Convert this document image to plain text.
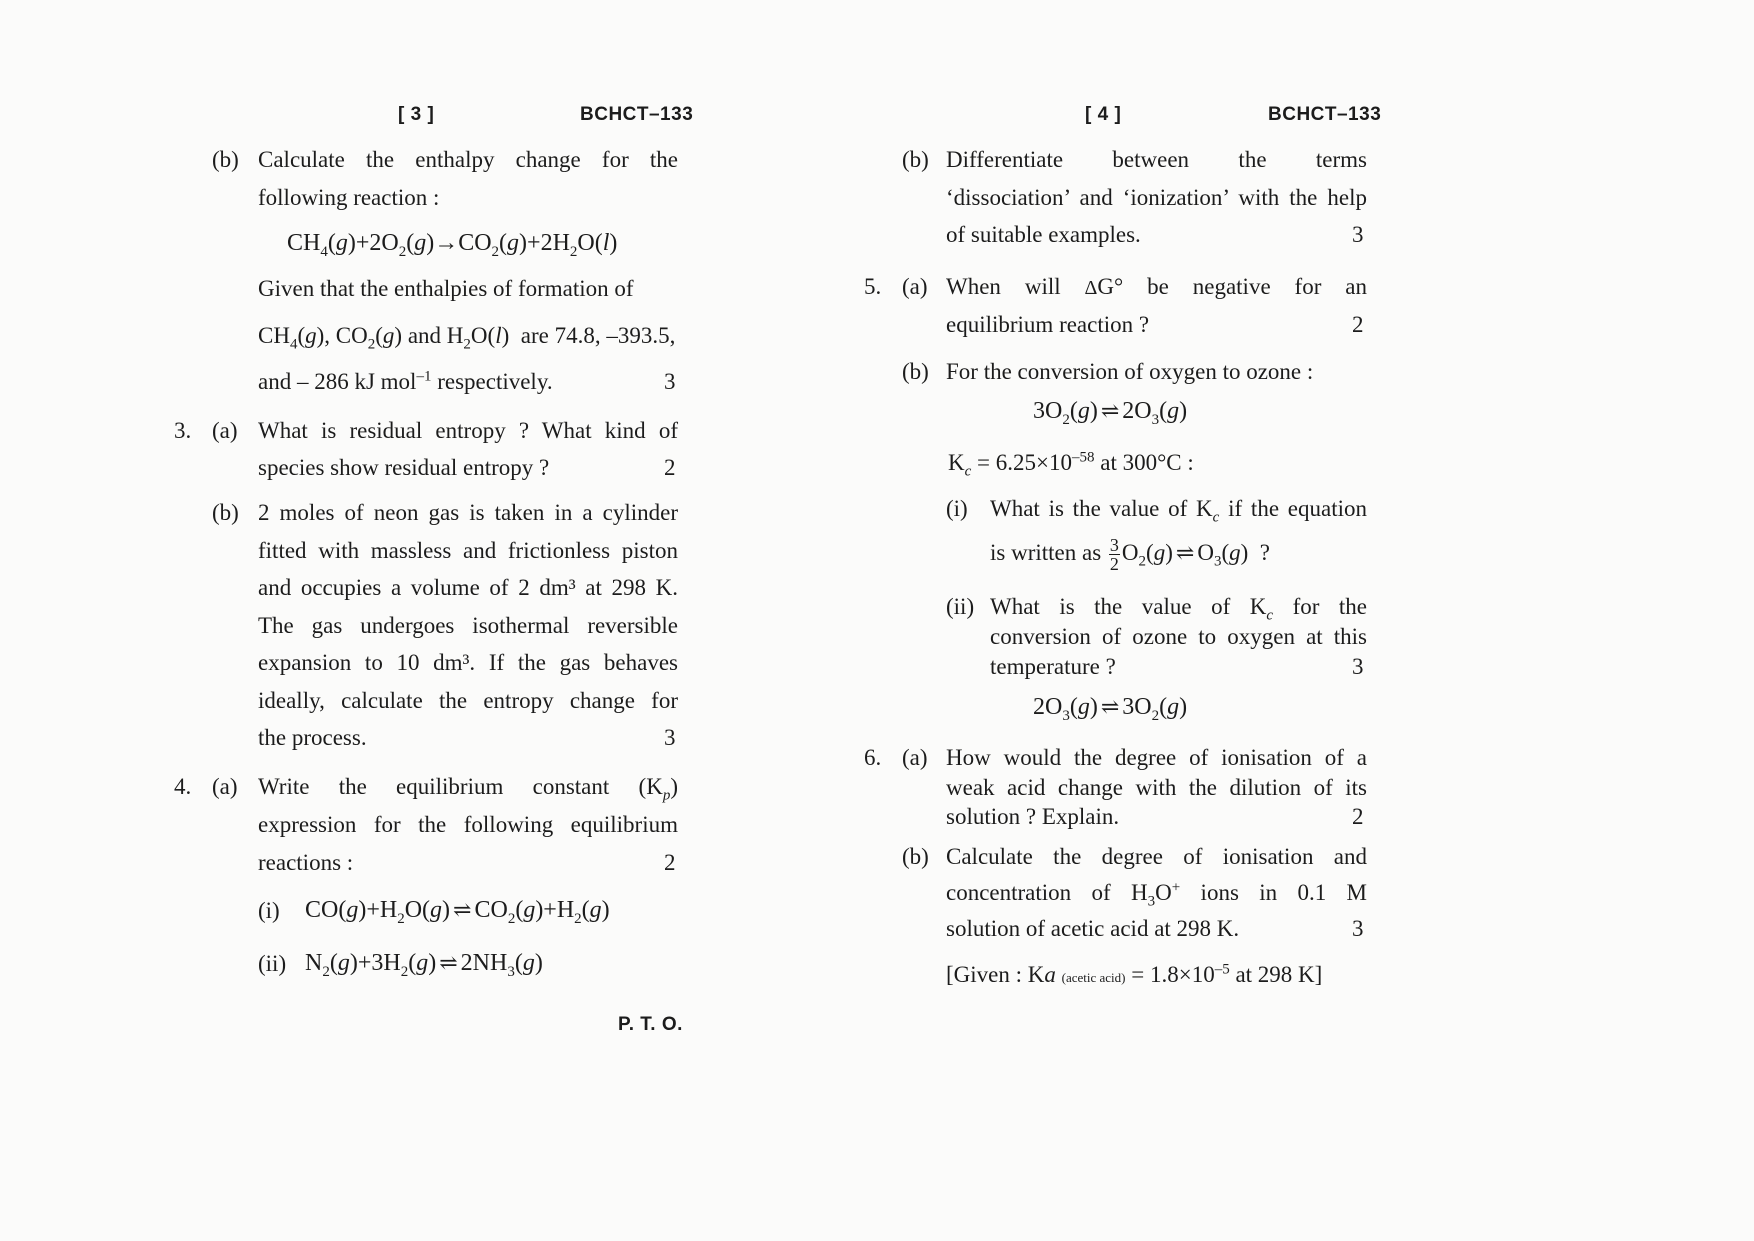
[ 3 ]	BCHCT–133
(b) Calculate the enthalpy change for the
following reaction :
$CH_4(g)+2O_2(g)\to CO_2(g)+2H_2O(l)$
Given that the enthalpies of formation of
$CH_4(g)$, $CO_2(g)$ and $H_2O(l)$  are 74.8, –393.5,
and – 286 kJ mol$^{-1}$ respectively.	3
3. (a) What is residual entropy ? What kind of
species show residual entropy ?	2
(b) 2 moles of neon gas is taken in a cylinder
fitted with massless and frictionless piston
and occupies a volume of 2 dm³ at 298 K.
The gas undergoes isothermal reversible
expansion to 10 dm³. If the gas behaves
ideally, calculate the entropy change for
the process.	3
4. (a) Write the equilibrium constant $(K_p)$
expression for the following equilibrium
reactions :	2
(i) $CO(g)+H_2O(g)$ ⇌ $CO_2(g)+H_2(g)$
(ii) $N_2(g)+3H_2(g)$ ⇌ $2NH_3(g)$
P. T. O.
[ 4 ]	BCHCT–133
(b) Differentiate between the terms
‘dissociation’ and ‘ionization’ with the help
of suitable examples.	3
5. (a) When will ΔG° be negative for an
equilibrium reaction ?	2
(b) For the conversion of oxygen to ozone :
$3O_2(g)$ ⇌ $2O_3(g)$
$K_c = 6.25\times 10^{-58}$ at 300°C :
(i) What is the value of $K_c$ if the equation
is written as $\frac{3}{2} O_2(g)$ ⇌ $O_3(g)$  ?
(ii) What is the value of $K_c$ for the
conversion of ozone to oxygen at this
temperature ?	3
$2O_3(g)$ ⇌ $3O_2(g)$
6. (a) How would the degree of ionisation of a
weak acid change with the dilution of its
solution ? Explain.	2
(b) Calculate the degree of ionisation and
concentration of $H_3O^+$ ions in 0.1 M
solution of acetic acid at 298 K.	3
[Given : Ka (acetic acid) = $1.8\times 10^{-5}$ at 298 K]
